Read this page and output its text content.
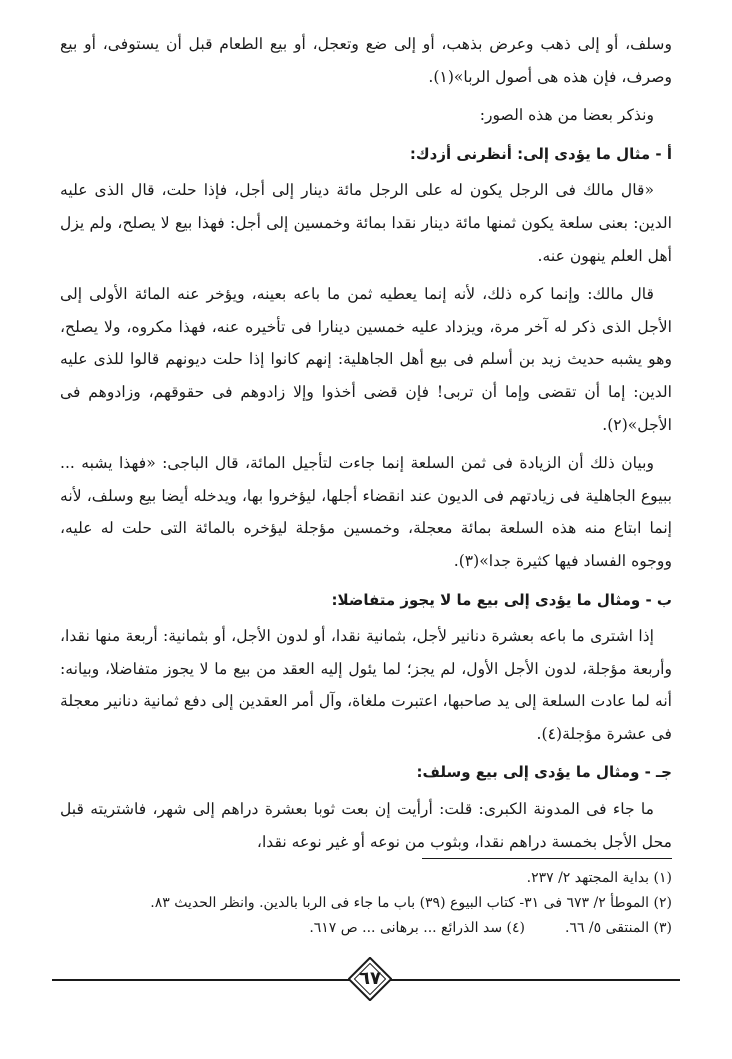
وسلف، أو إلى ذهب وعرض بذهب، أو إلى ضع وتعجل، أو بيع الطعام قبل أن يستوفى، أو بيع وصرف، فإن هذه هى أصول الربا»(١).

ونذكر بعضا من هذه الصور:

أ - مثال ما يؤدى إلى: أنظرنى أزدك:

«قال مالك فى الرجل يكون له على الرجل مائة دينار إلى أجل، فإذا حلت، قال الذى عليه الدين: بعنى سلعة يكون ثمنها مائة دينار نقدا بمائة وخمسين إلى أجل: فهذا بيع لا يصلح، ولم يزل أهل العلم ينهون عنه.

قال مالك: وإنما كره ذلك، لأنه إنما يعطيه ثمن ما باعه بعينه، ويؤخر عنه المائة الأولى إلى الأجل الذى ذكر له آخر مرة، ويزداد عليه خمسين دينارا فى تأخيره عنه، فهذا مكروه، ولا يصلح، وهو يشبه حديث زيد بن أسلم فى بيع أهل الجاهلية: إنهم كانوا إذا حلت ديونهم قالوا للذى عليه الدين: إما أن تقضى وإما أن تربى! فإن قضى أخذوا وإلا زادوهم فى حقوقهم، وزادوهم فى الأجل»(٢).

وبيان ذلك أن الزيادة فى ثمن السلعة إنما جاءت لتأجيل المائة، قال الباجى: «فهذا يشبه ... ببيوع الجاهلية فى زيادتهم فى الديون عند انقضاء أجلها، ليؤخروا بها، ويدخله أيضا بيع وسلف، لأنه إنما ابتاع منه هذه السلعة بمائة معجلة، وخمسين مؤجلة ليؤخره بالمائة التى حلت له عليه، ووجوه الفساد فيها كثيرة جدا»(٣).

ب - ومثال ما يؤدى إلى بيع ما لا يجوز متفاضلا:

إذا اشترى ما باعه بعشرة دنانير لأجل، بثمانية نقدا، أو لدون الأجل، أو بثمانية: أربعة منها نقدا، وأربعة مؤجلة، لدون الأجل الأول، لم يجز؛ لما يئول إليه العقد من بيع ما لا يجوز متفاضلا، وبيانه: أنه لما عادت السلعة إلى يد صاحبها، اعتبرت ملغاة، وآل أمر العقدين إلى دفع ثمانية دنانير معجلة فى عشرة مؤجلة(٤).

جـ - ومثال ما يؤدى إلى بيع وسلف:

ما جاء فى المدونة الكبرى: قلت: أرأيت إن بعت ثوبا بعشرة دراهم إلى شهر، فاشتريته قبل محل الأجل بخمسة دراهم نقدا، وبثوب من نوعه أو غير نوعه نقدا،

(١) بداية المجتهد ٢/ ٢٣٧.
(٢) الموطأ ٢/ ٦٧٣ فى ٣١- كتاب البيوع (٣٩) باب ما جاء فى الربا بالدين. وانظر الحديث ٨٣.
(٣) المنتقى ٥/ ٦٦.
(٤) سد الذرائع ... برهانى ... ص ٦١٧.
٦٧
